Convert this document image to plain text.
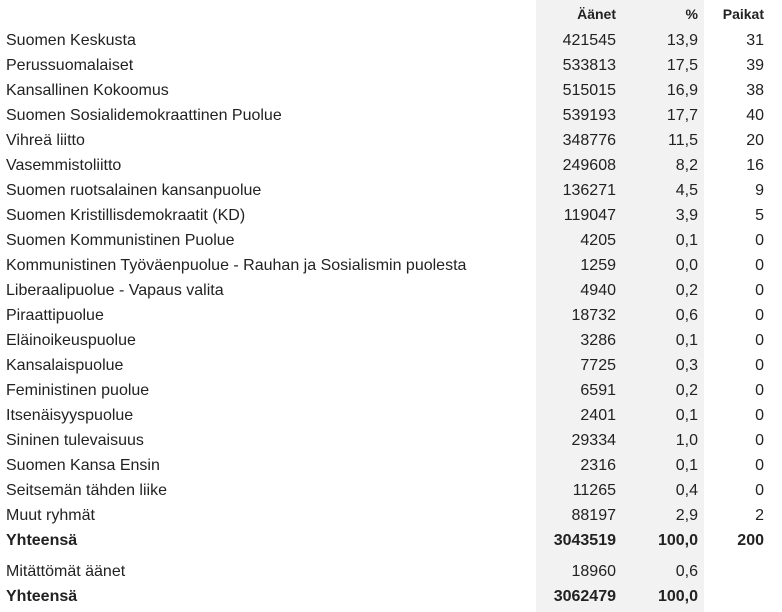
	Äänet	%	Paikat
Suomen Keskusta	421545	13,9	31
Perussuomalaiset	533813	17,5	39
Kansallinen Kokoomus	515015	16,9	38
Suomen Sosialidemokraattinen Puolue	539193	17,7	40
Vihreä liitto	348776	11,5	20
Vasemmistoliitto	249608	8,2	16
Suomen ruotsalainen kansanpuolue	136271	4,5	9
Suomen Kristillisdemokraatit (KD)	119047	3,9	5
Suomen Kommunistinen Puolue	4205	0,1	0
Kommunistinen Työväenpuolue - Rauhan ja Sosialismin puolesta	1259	0,0	0
Liberaalipuolue - Vapaus valita	4940	0,2	0
Piraattipuolue	18732	0,6	0
Eläinoikeuspuolue	3286	0,1	0
Kansalaispuolue	7725	0,3	0
Feministinen puolue	6591	0,2	0
Itsenäisyyspuolue	2401	0,1	0
Sininen tulevaisuus	29334	1,0	0
Suomen Kansa Ensin	2316	0,1	0
Seitsemän tähden liike	11265	0,4	0
Muut ryhmät	88197	2,9	2
Yhteensä	3043519	100,0	200

Mitättömät äänet	18960	0,6	
Yhteensä	3062479	100,0	
